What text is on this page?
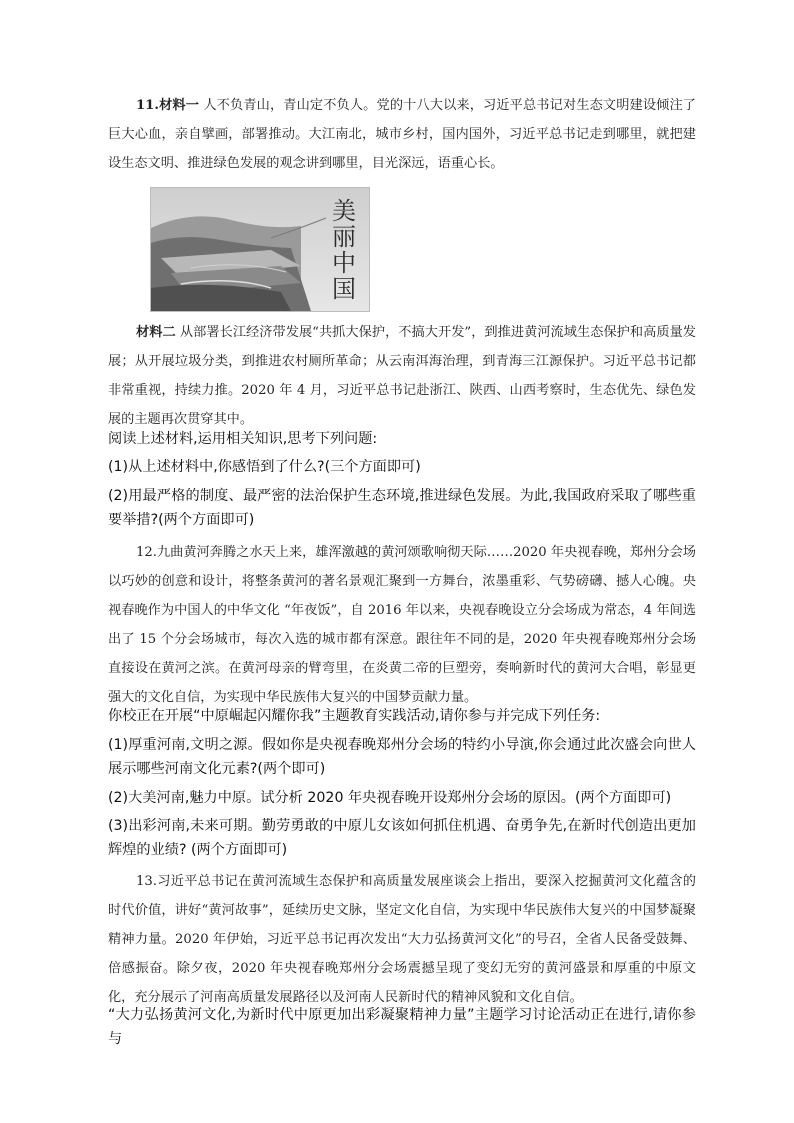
11.材料一 人不负青山，青山定不负人。党的十八大以来，习近平总书记对生态文明建设倾注了巨大心血，亲自擘画，部署推动。大江南北，城市乡村，国内国外，习近平总书记走到哪里，就把建设生态文明、推进绿色发展的观念讲到哪里，目光深远，语重心长。

美丽中国

材料二 从部署长江经济带发展“共抓大保护，不搞大开发”，到推进黄河流域生态保护和高质量发展；从开展垃圾分类，到推进农村厕所革命；从云南洱海治理，到青海三江源保护。习近平总书记都非常重视，持续力推。2020 年 4 月，习近平总书记赴浙江、陕西、山西考察时，生态优先、绿色发展的主题再次贯穿其中。

阅读上述材料,运用相关知识,思考下列问题:

(1)从上述材料中,你感悟到了什么?(三个方面即可)

(2)用最严格的制度、最严密的法治保护生态环境,推进绿色发展。为此,我国政府采取了哪些重要举措?(两个方面即可)

12.九曲黄河奔腾之水天上来，雄浑激越的黄河颂歌响彻天际……2020 年央视春晚，郑州分会场以巧妙的创意和设计，将整条黄河的著名景观汇聚到一方舞台，浓墨重彩、气势磅礴、撼人心魄。央视春晚作为中国人的中华文化 “年夜饭”，自 2016 年以来，央视春晚设立分会场成为常态，4 年间选出了 15 个分会场城市，每次入选的城市都有深意。跟往年不同的是，2020 年央视春晚郑州分会场直接设在黄河之滨。在黄河母亲的臂弯里，在炎黄二帝的巨塑旁，奏响新时代的黄河大合唱，彰显更强大的文化自信，为实现中华民族伟大复兴的中国梦贡献力量。

你校正在开展“中原崛起闪耀你我”主题教育实践活动,请你参与并完成下列任务:

(1)厚重河南,文明之源。假如你是央视春晚郑州分会场的特约小导演,你会通过此次盛会向世人展示哪些河南文化元素?(两个即可)

(2)大美河南,魅力中原。试分析 2020 年央视春晚开设郑州分会场的原因。(两个方面即可)

(3)出彩河南,未来可期。勤劳勇敢的中原儿女该如何抓住机遇、奋勇争先,在新时代创造出更加辉煌的业绩? (两个方面即可)

13.习近平总书记在黄河流域生态保护和高质量发展座谈会上指出，要深入挖掘黄河文化蕴含的时代价值，讲好“黄河故事”，延续历史文脉，坚定文化自信，为实现中华民族伟大复兴的中国梦凝聚精神力量。2020 年伊始，习近平总书记再次发出“大力弘扬黄河文化”的号召，全省人民备受鼓舞、倍感振奋。除夕夜，2020 年央视春晚郑州分会场震撼呈现了变幻无穷的黄河盛景和厚重的中原文化，充分展示了河南高质量发展路径以及河南人民新时代的精神风貌和文化自信。

“大力弘扬黄河文化,为新时代中原更加出彩凝聚精神力量”主题学习讨论活动正在进行,请你参与
